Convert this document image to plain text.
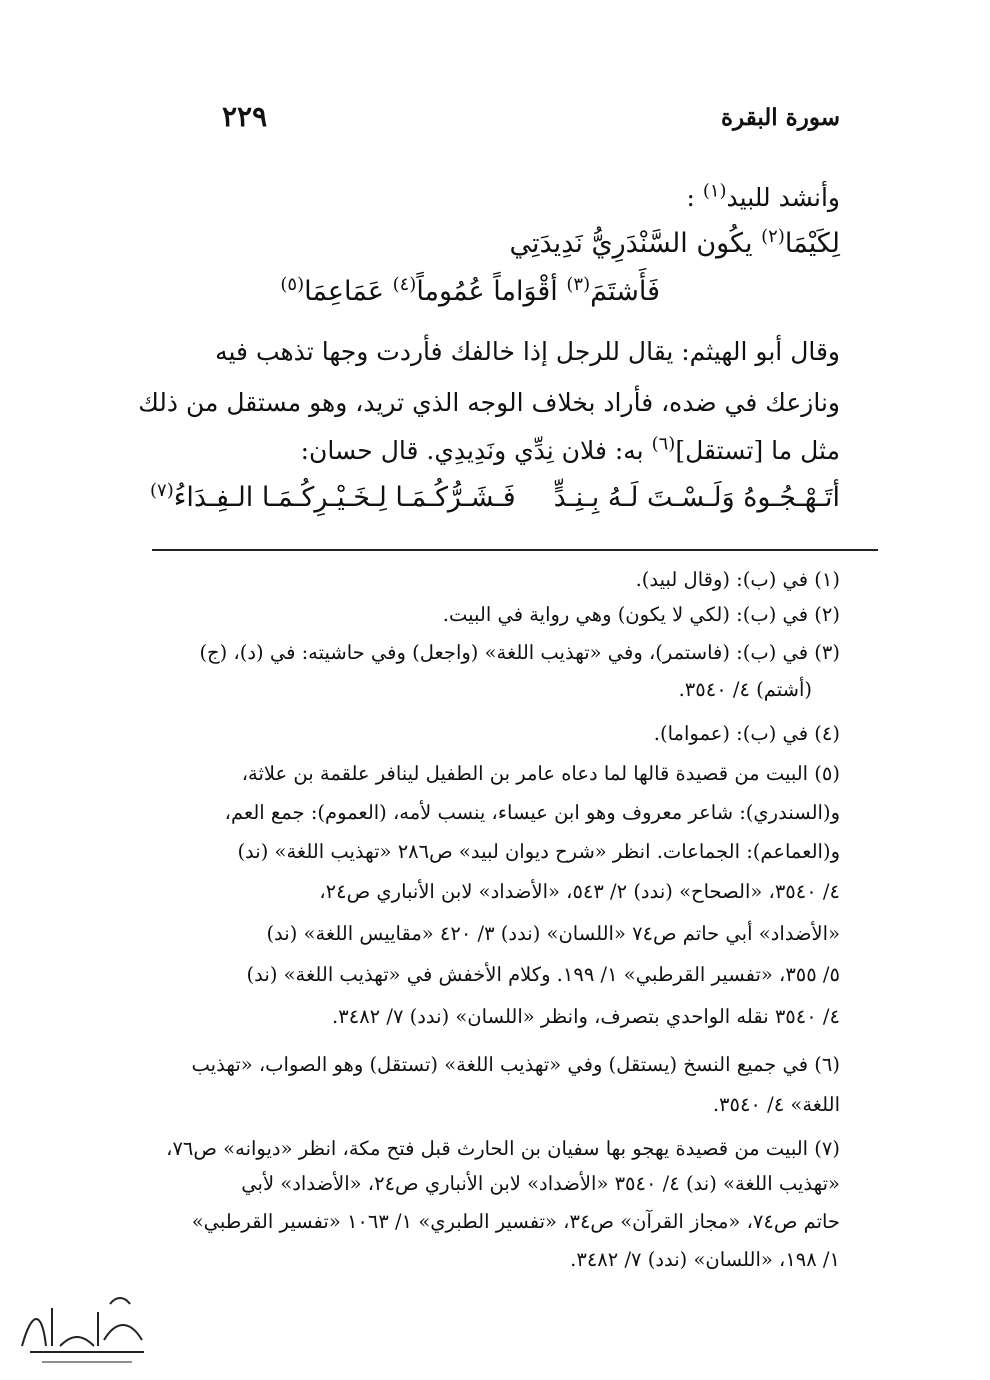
٢٢٩	سورة البقرة
وأنشد للبيد$^{(١)}$ :
لِكَيْمَا$^{(٢)}$ يكُون السَّنْدَرِيُّ نَدِيدَتِي
فَأَشتَمَ$^{(٣)}$ أقْوَاماً عُمُوماً$^{(٤)}$ عَمَاعِمَا$^{(٥)}$
وقال أبو الهيثم: يقال للرجل إذا خالفك فأردت وجها تذهب فيه
ونازعك في ضده، فأراد بخلاف الوجه الذي تريد، وهو مستقل من ذلك
مثل ما [تستقل]$^{(٦)}$ به: فلان نِدِّي ونَدِيدِي. قال حسان:
أتَـهْـجُـوهُ وَلَـسْـتَ لَـهُ بِـنِـدٍّ
فَـشَـرُّكُـمَـا لِـخَـيْـرِكُـمَـا الـفِـدَاءُ$^{(٧)}$
(١) في (ب): (وقال لبيد).
(٢) في (ب): (لكي لا يكون) وهي رواية في البيت.
(٣) في (ب): (فاستمر)، وفي «تهذيب اللغة» (واجعل) وفي حاشيته: في (د)، (ج)
(أشتم) ٤/ ٣٥٤٠.
(٤) في (ب): (عمواما).
(٥) البيت من قصيدة قالها لما دعاه عامر بن الطفيل لينافر علقمة بن علاثة،
و(السندري): شاعر معروف وهو ابن عيساء، ينسب لأمه، (العموم): جمع العم،
و(العماعم): الجماعات. انظر «شرح ديوان لبيد» ص٢٨٦ «تهذيب اللغة» (ند)
٤/ ٣٥٤٠، «الصحاح» (ندد) ٢/ ٥٤٣، «الأضداد» لابن الأنباري ص٢٤،
«الأضداد» أبي حاتم ص٧٤ «اللسان» (ندد) ٣/ ٤٢٠ «مقاييس اللغة» (ند)
٥/ ٣٥٥، «تفسير القرطبي» ١/ ١٩٩. وكلام الأخفش في «تهذيب اللغة» (ند)
٤/ ٣٥٤٠ نقله الواحدي بتصرف، وانظر «اللسان» (ندد) ٧/ ٣٤٨٢.
(٦) في جميع النسخ (يستقل) وفي «تهذيب اللغة» (تستقل) وهو الصواب، «تهذيب
اللغة» ٤/ ٣٥٤٠.
(٧) البيت من قصيدة يهجو بها سفيان بن الحارث قبل فتح مكة، انظر «ديوانه» ص٧٦،
«تهذيب اللغة» (ند) ٤/ ٣٥٤٠ «الأضداد» لابن الأنباري ص٢٤، «الأضداد» لأبي
حاتم ص٧٤، «مجاز القرآن» ص٣٤، «تفسير الطبري» ١/ ١٠٦٣ «تفسير القرطبي»
١/ ١٩٨، «اللسان» (ندد) ٧/ ٣٤٨٢.
